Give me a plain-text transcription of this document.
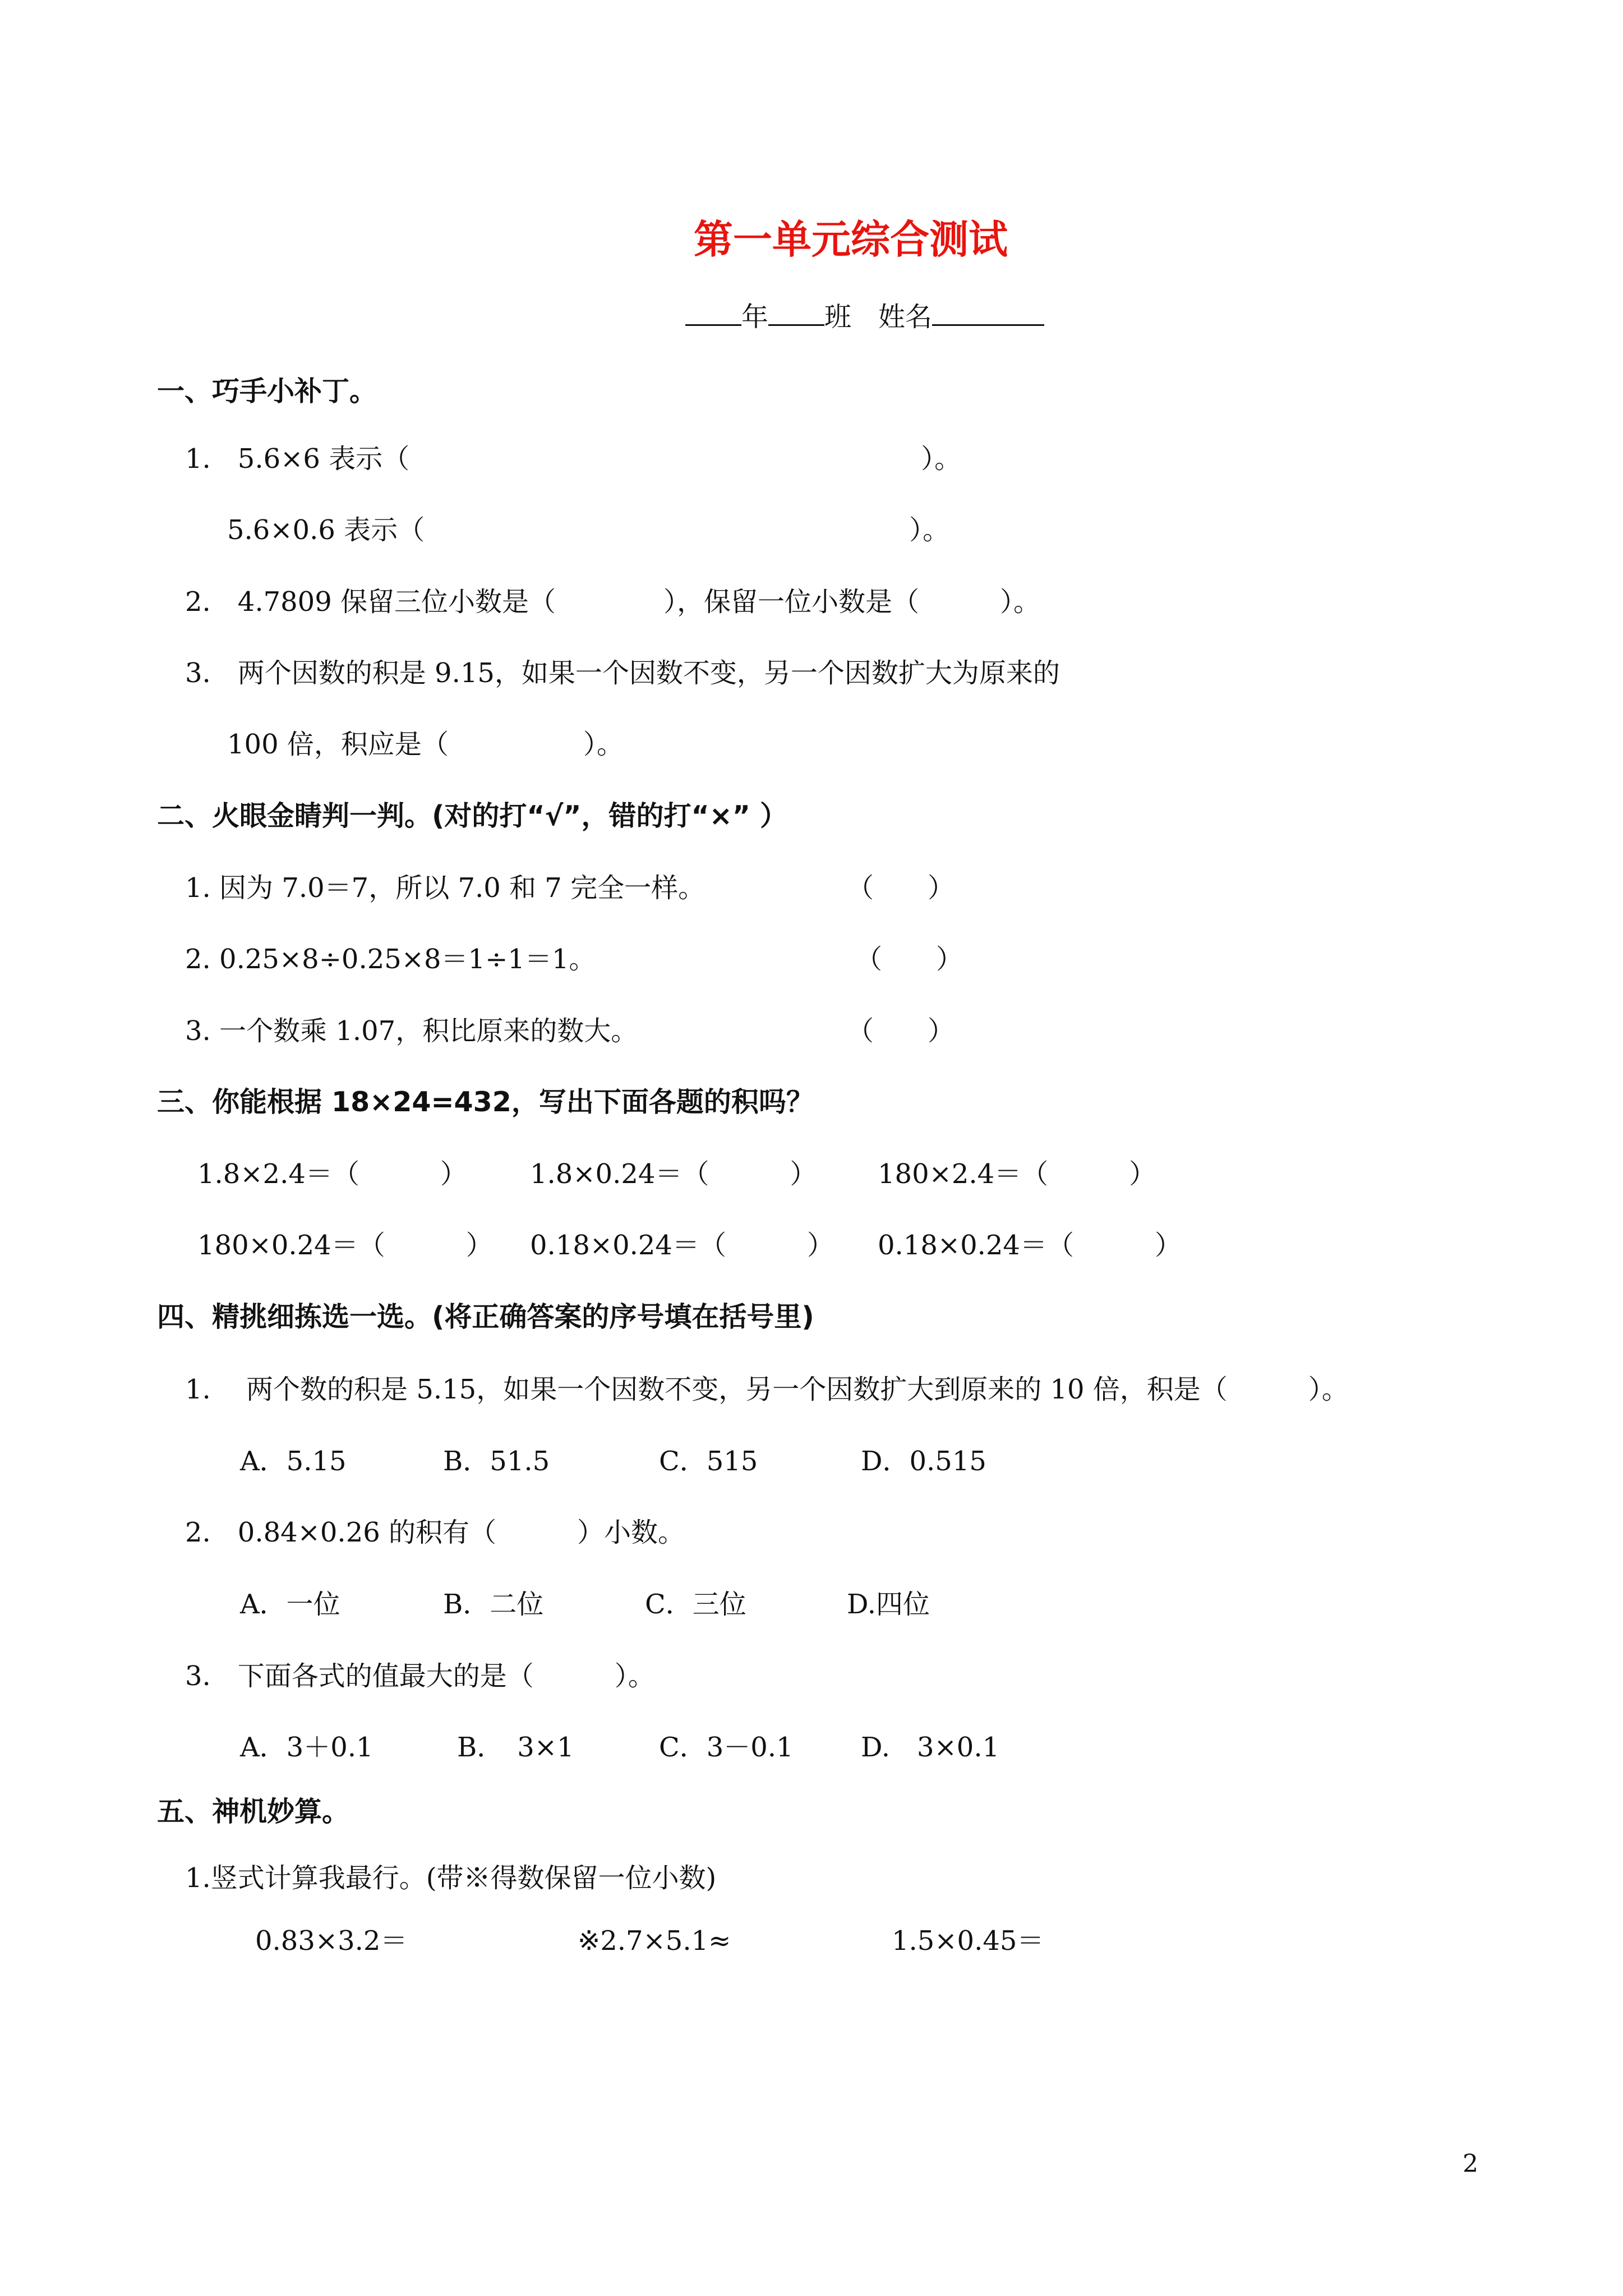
第一单元综合测试
年 班　 姓名
一、巧手小补丁。
1.　5.6×6 表示（　　　　　　　　　　　　　　　　　　　）。
5.6×0.6 表示（　　　　　　　　　　　　　　　　　　）。
2.　4.7809 保留三位小数是（　　　　），保留一位小数是（　　　）。
3.　两个因数的积是 9.15，如果一个因数不变，另一个因数扩大为原来的
100 倍，积应是（　　　　　）。
二、火眼金睛判一判。(对的打“√”，错的打“×” ）
1. 因为 7.0＝7，所以 7.0 和 7 完全一样。	（　　）
2. 0.25×8÷0.25×8＝1÷1＝1。	（　　）
3. 一个数乘 1.07，积比原来的数大。	（　　）
三、你能根据 18×24=432，写出下面各题的积吗？
1.8×2.4＝（　　　） 1.8×0.24＝（　　　） 180×2.4＝（　　　）
180×0.24＝（　　　） 0.18×0.24＝（　　　） 0.18×0.24＝（　　　）
四、精挑细拣选一选。(将正确答案的序号填在括号里)
1.　 两个数的积是 5.15，如果一个因数不变，另一个因数扩大到原来的 10 倍，积是（　　　）。
A．5.15	B．51.5	C．515	D．0.515
2.　0.84×0.26 的积有（　　　）小数。
A．一位	B．二位	C．三位	D.四位
3.　下面各式的值最大的是（　　　）。
A．3＋0.1	B．　3×1	C．3－0.1	D.　3×0.1
五、神机妙算。
1.竖式计算我最行。(带※得数保留一位小数)
0.83×3.2＝	※2.7×5.1≈	1.5×0.45＝
2
